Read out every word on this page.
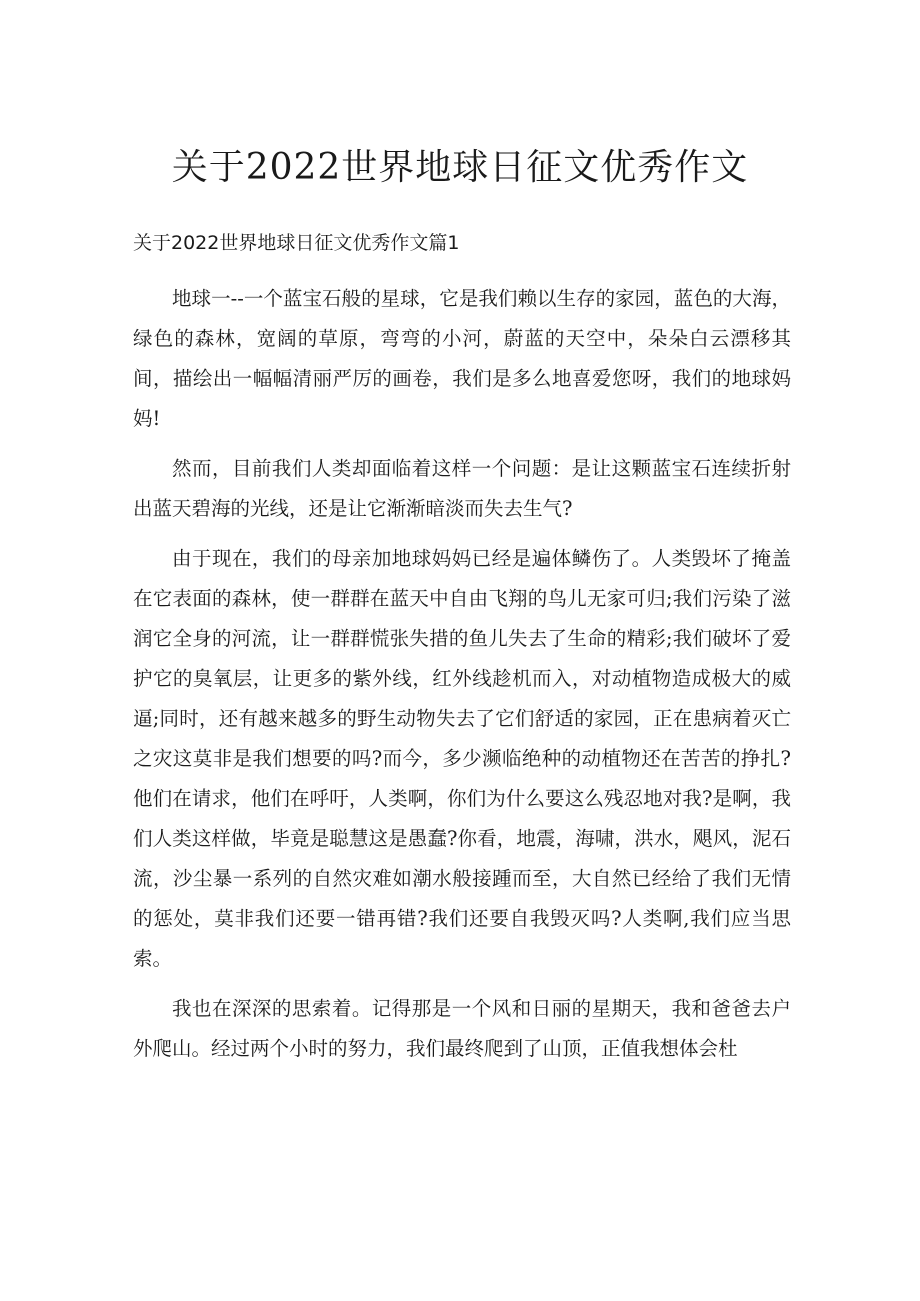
关于2022世界地球日征文优秀作文
关于2022世界地球日征文优秀作文篇1

地球一--一个蓝宝石般的星球，它是我们赖以生存的家园，蓝色的大海，绿色的森林，宽阔的草原，弯弯的小河，蔚蓝的天空中，朵朵白云漂移其间，描绘出一幅幅清丽严厉的画卷，我们是多么地喜爱您呀，我们的地球妈妈!

然而，目前我们人类却面临着这样一个问题：是让这颗蓝宝石连续折射出蓝天碧海的光线，还是让它渐渐暗淡而失去生气?

由于现在，我们的母亲加地球妈妈已经是遍体鳞伤了。人类毁坏了掩盖在它表面的森林，使一群群在蓝天中自由飞翔的鸟儿无家可归;我们污染了滋润它全身的河流，让一群群慌张失措的鱼儿失去了生命的精彩;我们破坏了爱护它的臭氧层，让更多的紫外线，红外线趁机而入，对动植物造成极大的威逼;同时，还有越来越多的野生动物失去了它们舒适的家园，正在患病着灭亡之灾这莫非是我们想要的吗?而今，多少濒临绝种的动植物还在苦苦的挣扎?他们在请求，他们在呼吁，人类啊，你们为什么要这么残忍地对我?是啊，我们人类这样做，毕竟是聪慧这是愚蠢?你看，地震，海啸，洪水，飓风，泥石流，沙尘暴一系列的自然灾难如潮水般接踵而至，大自然已经给了我们无情的惩处，莫非我们还要一错再错?我们还要自我毁灭吗?人类啊,我们应当思索。

我也在深深的思索着。记得那是一个风和日丽的星期天，我和爸爸去户外爬山。经过两个小时的努力，我们最终爬到了山顶，正值我想体会杜
